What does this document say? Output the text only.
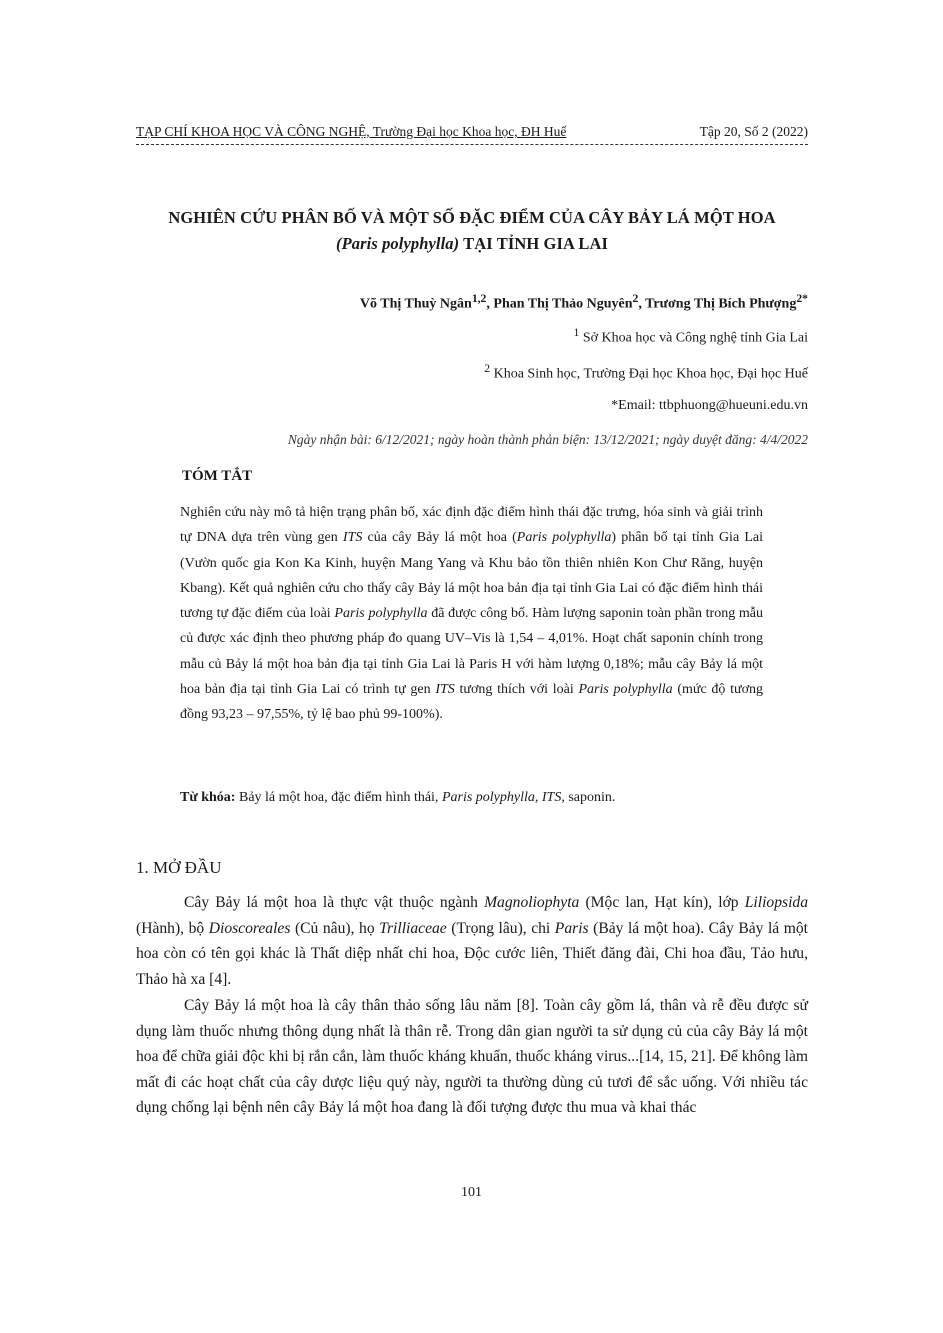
TẠP CHÍ KHOA HỌC VÀ CÔNG NGHỆ, Trường Đại học Khoa học, ĐH Huế	Tập 20, Số 2 (2022)
NGHIÊN CỨU PHÂN BỐ VÀ MỘT SỐ ĐẶC ĐIỂM CỦA CÂY BẢY LÁ MỘT HOA
(Paris polyphylla) TẠI TỈNH GIA LAI
Võ Thị Thuỳ Ngân$^{1,2}$, Phan Thị Thảo Nguyên$^2$, Trương Thị Bích Phượng$^{2*}$
$^1$ Sở Khoa học và Công nghệ tỉnh Gia Lai
$^2$ Khoa Sinh học, Trường Đại học Khoa học, Đại học Huế
*Email: ttbphuong@hueuni.edu.vn
Ngày nhận bài: 6/12/2021; ngày hoàn thành phản biện: 13/12/2021; ngày duyệt đăng: 4/4/2022
TÓM TẮT
Nghiên cứu này mô tả hiện trạng phân bố, xác định đặc điểm hình thái đặc trưng, hóa sinh và giải trình tự DNA dựa trên vùng gen ITS của cây Bảy lá một hoa (Paris polyphylla) phân bố tại tỉnh Gia Lai (Vườn quốc gia Kon Ka Kinh, huyện Mang Yang và Khu bảo tồn thiên nhiên Kon Chư Răng, huyện Kbang). Kết quả nghiên cứu cho thấy cây Bảy lá một hoa bản địa tại tỉnh Gia Lai có đặc điểm hình thái tương tự đặc điểm của loài Paris polyphylla đã được công bố. Hàm lượng saponin toàn phần trong mẫu củ được xác định theo phương pháp đo quang UV–Vis là 1,54 – 4,01%. Hoạt chất saponin chính trong mẫu củ Bảy lá một hoa bản địa tại tỉnh Gia Lai là Paris H với hàm lượng 0,18%; mẫu cây Bảy lá một hoa bản địa tại tỉnh Gia Lai có trình tự gen ITS tương thích với loài Paris polyphylla (mức độ tương đồng 93,23 – 97,55%, tỷ lệ bao phủ 99-100%).
Từ khóa: Bảy lá một hoa, đặc điểm hình thái, Paris polyphylla, ITS, saponin.
1. MỞ ĐẦU
Cây Bảy lá một hoa là thực vật thuộc ngành Magnoliophyta (Mộc lan, Hạt kín), lớp Liliopsida (Hành), bộ Dioscoreales (Củ nâu), họ Trilliaceae (Trọng lâu), chi Paris (Bảy lá một hoa). Cây Bảy lá một hoa còn có tên gọi khác là Thất diệp nhất chi hoa, Độc cước liên, Thiết đăng đài, Chi hoa đầu, Tảo hưu, Thảo hà xa [4].
Cây Bảy lá một hoa là cây thân thảo sống lâu năm [8]. Toàn cây gồm lá, thân và rễ đều được sử dụng làm thuốc nhưng thông dụng nhất là thân rễ. Trong dân gian người ta sử dụng củ của cây Bảy lá một hoa để chữa giải độc khi bị rắn cắn, làm thuốc kháng khuẩn, thuốc kháng virus...[14, 15, 21]. Để không làm mất đi các hoạt chất của cây dược liệu quý này, người ta thường dùng củ tươi để sắc uống. Với nhiều tác dụng chống lại bệnh nên cây Bảy lá một hoa đang là đối tượng được thu mua và khai thác
101
